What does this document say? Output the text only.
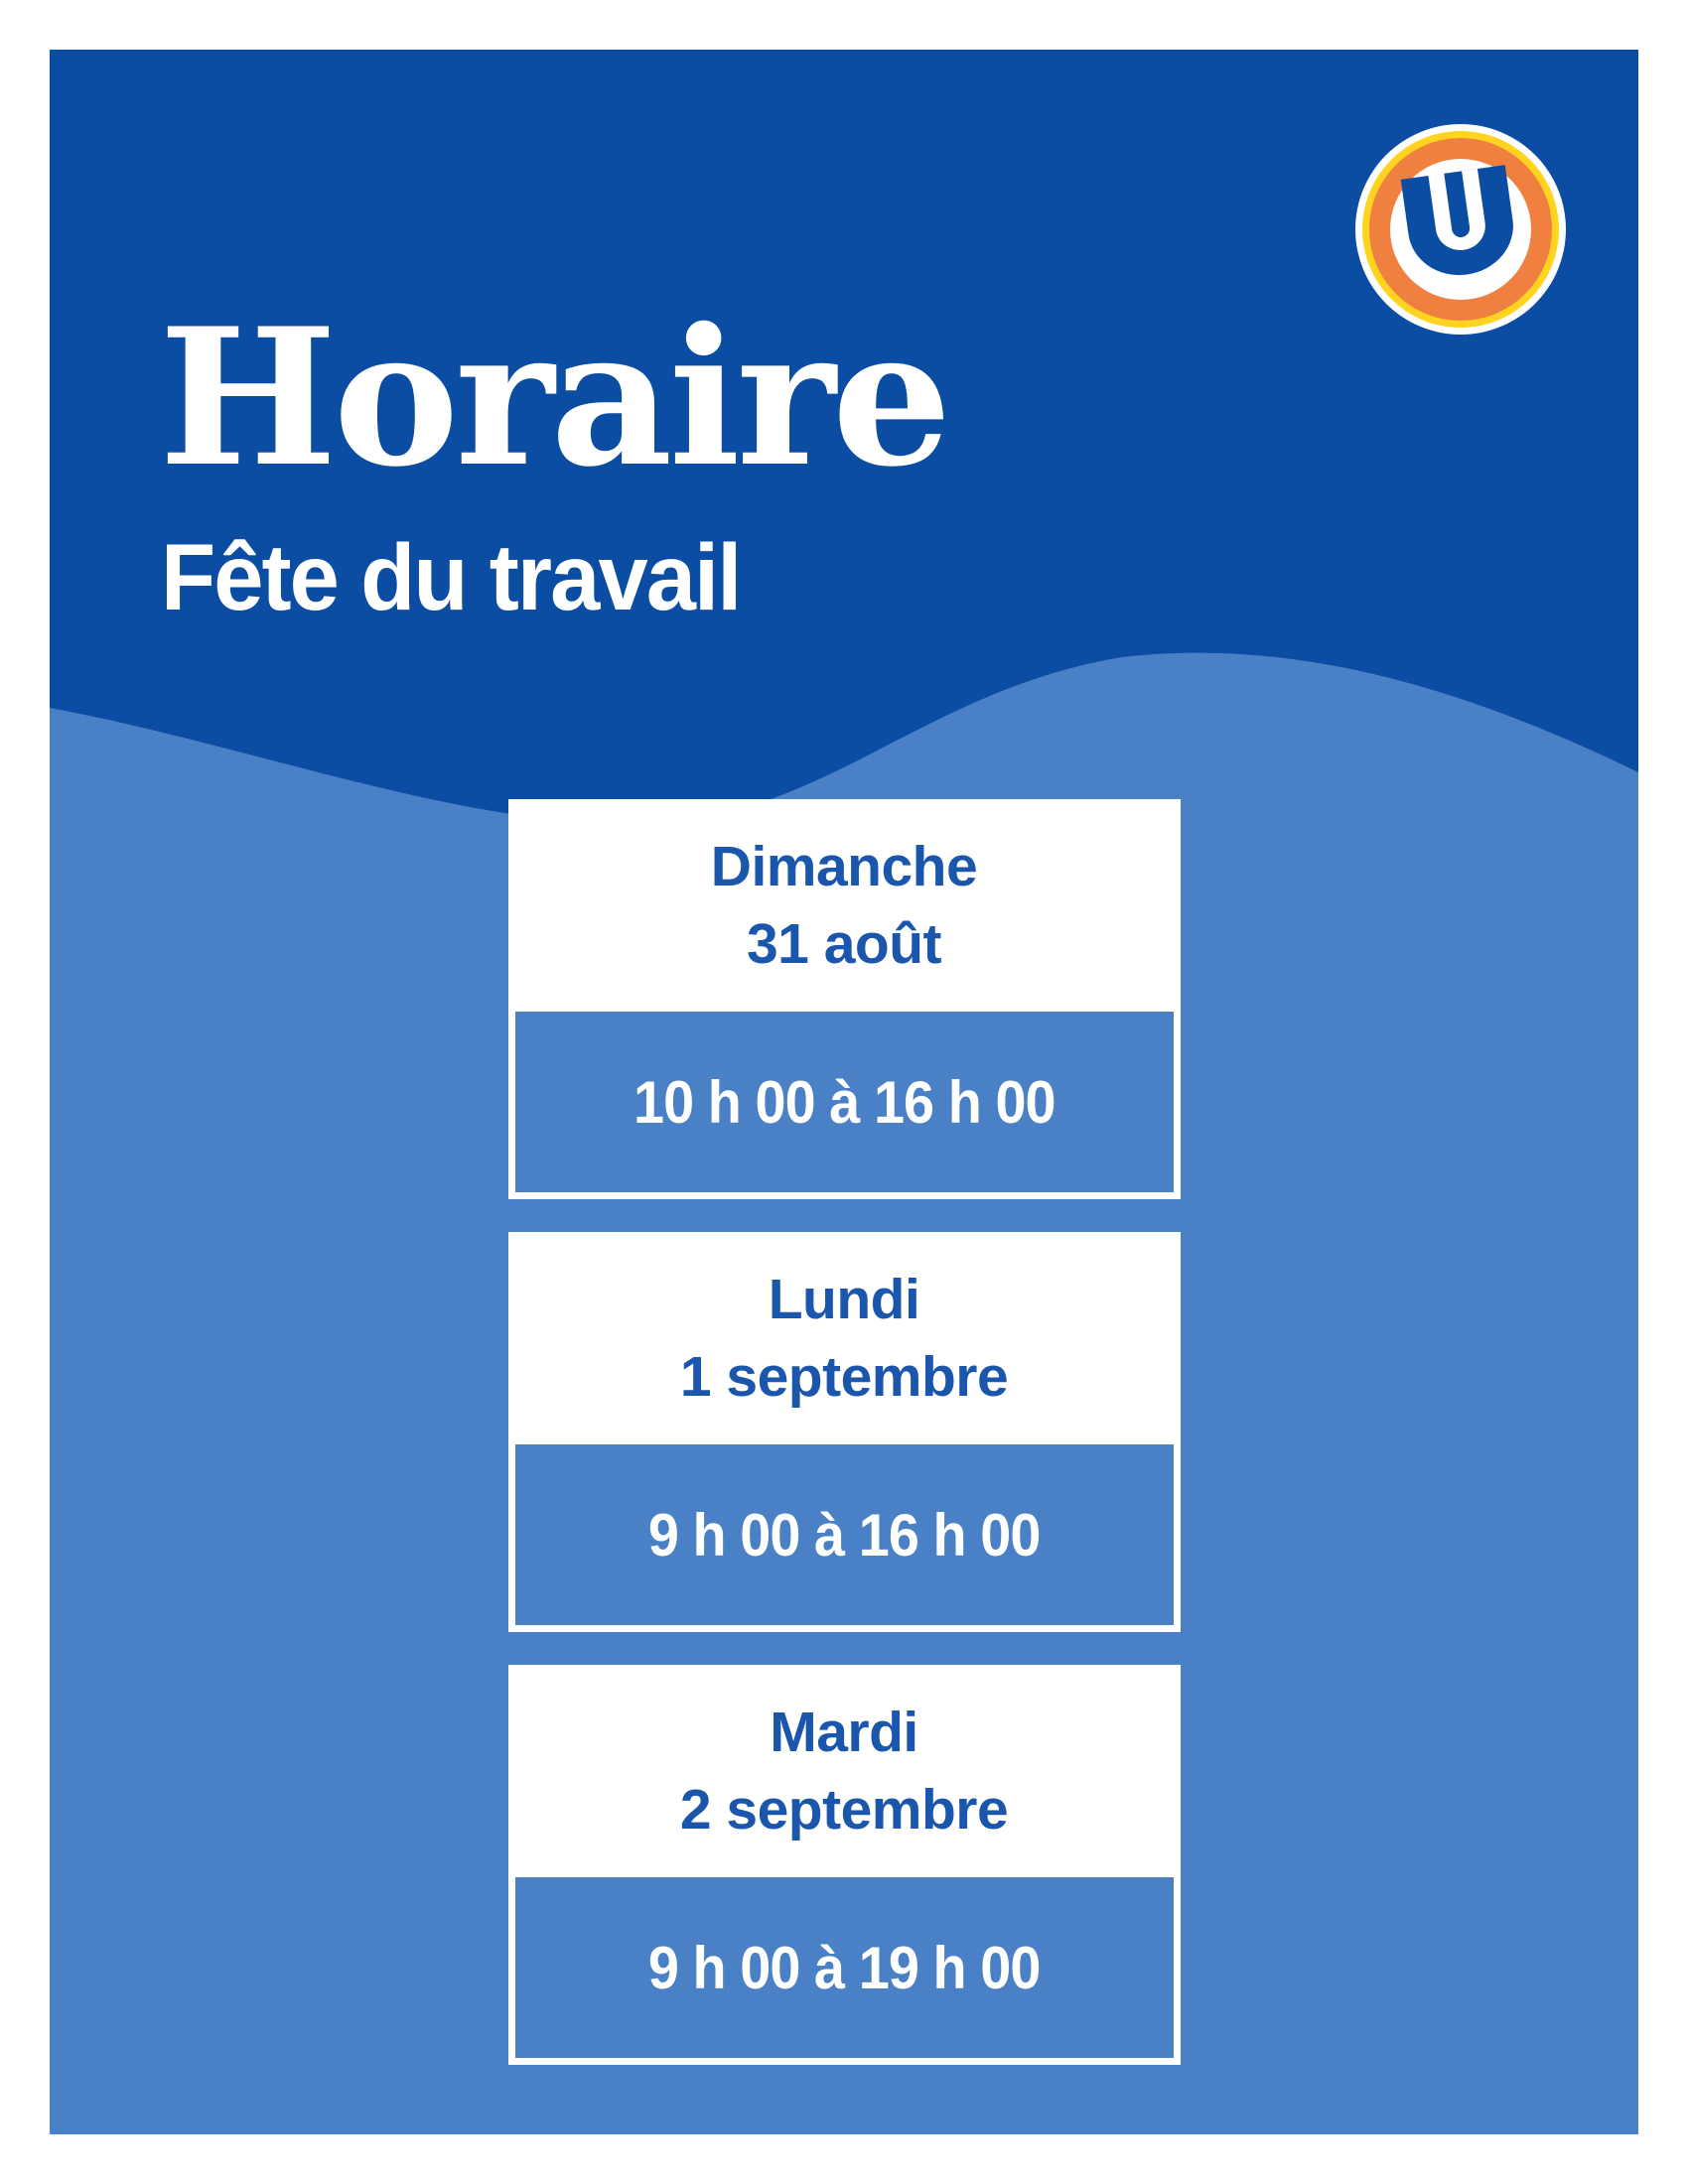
Horaire
Fête du travail
Dimanche
31 août
10 h 00 à 16 h 00
Lundi
1 septembre
9 h 00 à 16 h 00
Mardi
2 septembre
9 h 00 à 19 h 00
